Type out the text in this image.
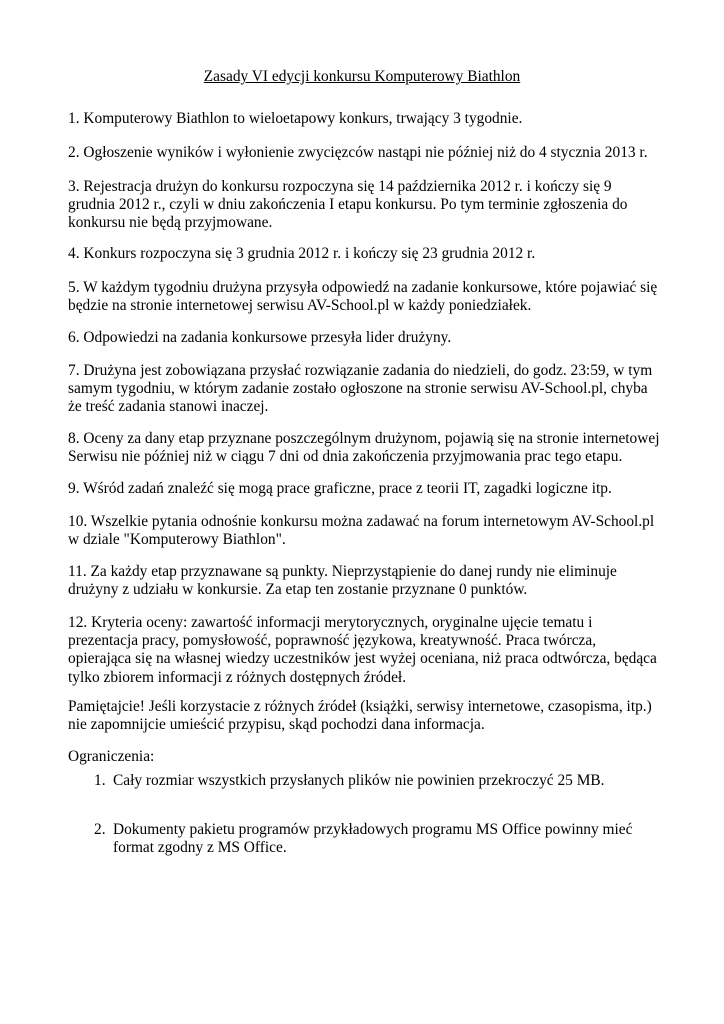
Zasady VI edycji konkursu Komputerowy Biathlon
1. Komputerowy Biathlon to wieloetapowy konkurs, trwający 3 tygodnie.
2. Ogłoszenie wyników i wyłonienie zwycięzców nastąpi nie później niż do 4 stycznia 2013 r.
3. Rejestracja drużyn do konkursu rozpoczyna się 14 października 2012 r. i kończy się 9 grudnia 2012 r., czyli w dniu zakończenia I etapu konkursu. Po tym terminie zgłoszenia do konkursu nie będą przyjmowane.
4. Konkurs rozpoczyna się 3 grudnia 2012 r. i kończy się 23 grudnia 2012 r.
5. W każdym tygodniu drużyna przysyła odpowiedź na zadanie konkursowe, które pojawiać się będzie na stronie internetowej serwisu AV-School.pl w każdy poniedziałek.
6. Odpowiedzi na zadania konkursowe przesyła lider drużyny.
7. Drużyna jest zobowiązana przysłać rozwiązanie zadania do niedzieli, do godz. 23:59, w tym samym tygodniu, w którym zadanie zostało ogłoszone na stronie serwisu AV-School.pl, chyba że treść zadania stanowi inaczej.
8. Oceny za dany etap przyznane poszczególnym drużynom, pojawią się na stronie internetowej Serwisu nie później niż w ciągu 7 dni od dnia zakończenia przyjmowania prac tego etapu.
9. Wśród zadań znaleźć się mogą prace graficzne, prace z teorii IT, zagadki logiczne itp.
10. Wszelkie pytania odnośnie konkursu można zadawać na forum internetowym AV-School.pl w dziale "Komputerowy Biathlon".
11. Za każdy etap przyznawane są punkty. Nieprzystąpienie do danej rundy nie eliminuje drużyny z udziału w konkursie. Za etap ten zostanie przyznane 0 punktów.
12. Kryteria oceny: zawartość informacji merytorycznych, oryginalne ujęcie tematu i prezentacja pracy, pomysłowość, poprawność językowa, kreatywność. Praca twórcza, opierająca się na własnej wiedzy uczestników jest wyżej oceniana, niż praca odtwórcza, będąca tylko zbiorem informacji z różnych dostępnych źródeł.
Pamiętajcie! Jeśli korzystacie z różnych źródeł (książki, serwisy internetowe, czasopisma, itp.) nie zapomnijcie umieścić przypisu, skąd pochodzi dana informacja.
Ograniczenia:
1. Cały rozmiar wszystkich przysłanych plików nie powinien przekroczyć 25 MB.
2. Dokumenty pakietu programów przykładowych programu MS Office powinny mieć format zgodny z MS Office.
